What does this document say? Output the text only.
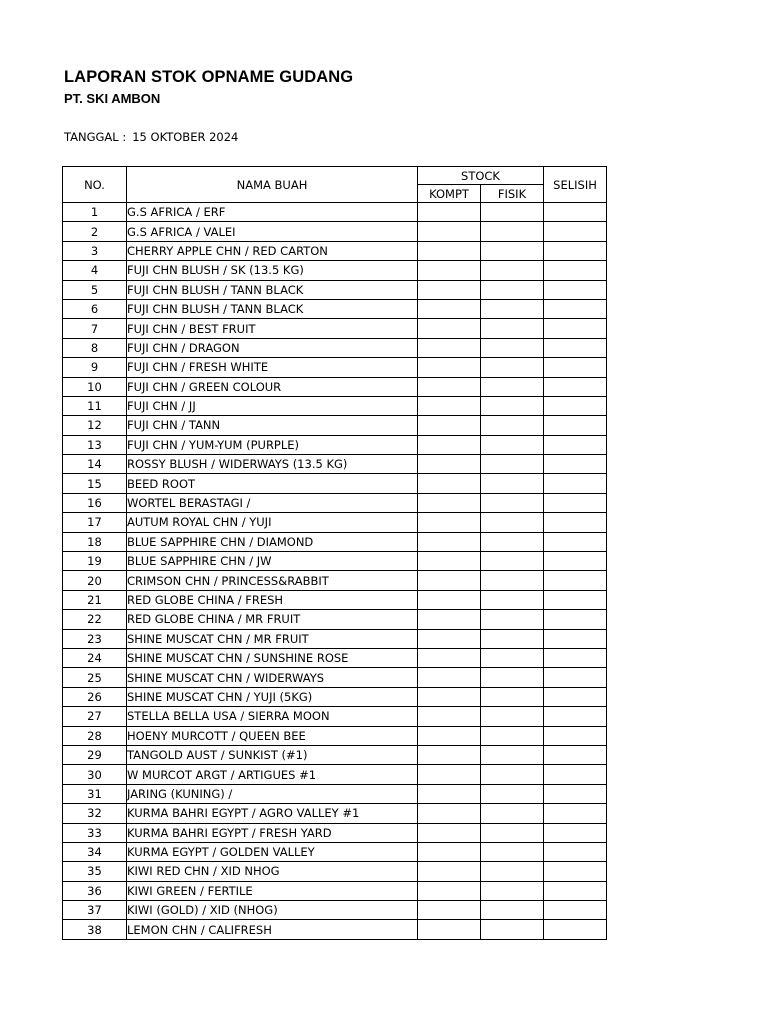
LAPORAN STOK OPNAME GUDANG
PT. SKI AMBON
TANGGAL : 15 OKTOBER 2024
NO.	NAMA BUAH	STOCK		SELISIH
		KOMPT	FISIK	
1	G.S AFRICA / ERF			
2	G.S AFRICA / VALEI			
3	CHERRY APPLE CHN / RED CARTON			
4	FUJI CHN BLUSH / SK (13.5 KG)			
5	FUJI CHN BLUSH / TANN BLACK			
6	FUJI CHN BLUSH / TANN BLACK			
7	FUJI CHN / BEST FRUIT			
8	FUJI CHN / DRAGON			
9	FUJI CHN / FRESH WHITE			
10	FUJI CHN / GREEN COLOUR			
11	FUJI CHN / JJ			
12	FUJI CHN / TANN			
13	FUJI CHN / YUM-YUM (PURPLE)			
14	ROSSY BLUSH / WIDERWAYS (13.5 KG)			
15	BEED ROOT			
16	WORTEL BERASTAGI /			
17	AUTUM ROYAL CHN / YUJI			
18	BLUE SAPPHIRE CHN / DIAMOND			
19	BLUE SAPPHIRE CHN / JW			
20	CRIMSON CHN / PRINCESS&RABBIT			
21	RED GLOBE CHINA / FRESH			
22	RED GLOBE CHINA / MR FRUIT			
23	SHINE MUSCAT CHN / MR FRUIT			
24	SHINE MUSCAT CHN / SUNSHINE ROSE			
25	SHINE MUSCAT CHN / WIDERWAYS			
26	SHINE MUSCAT CHN / YUJI (5KG)			
27	STELLA BELLA USA / SIERRA MOON			
28	HOENY MURCOTT / QUEEN BEE			
29	TANGOLD AUST / SUNKIST (#1)			
30	W MURCOT ARGT / ARTIGUES #1			
31	JARING (KUNING) /			
32	KURMA BAHRI EGYPT / AGRO VALLEY #1			
33	KURMA BAHRI EGYPT / FRESH YARD			
34	KURMA EGYPT / GOLDEN VALLEY			
35	KIWI RED CHN / XID NHOG			
36	KIWI GREEN / FERTILE			
37	KIWI (GOLD) / XID (NHOG)			
38	LEMON CHN / CALIFRESH			
